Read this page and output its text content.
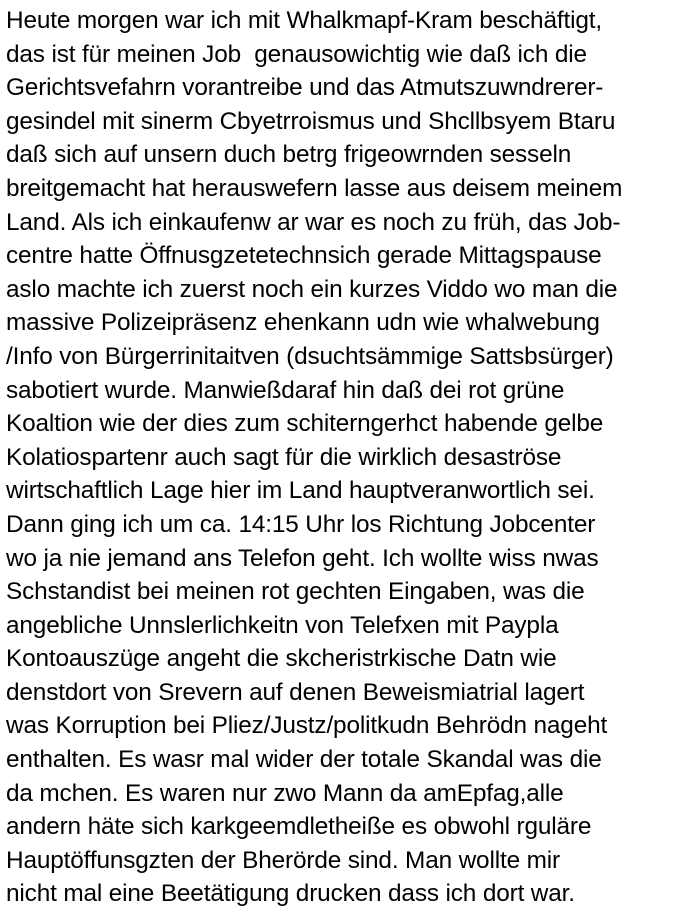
Heute morgen war ich mit Whalkmapf-Kram beschäftigt,
das ist für meinen Job  genausowichtig wie daß ich die
Gerichtsvefahrn vorantreibe und das Atmutszuwndrerer-
gesindel mit sinerm Cbyetrroismus und Shcllbsyem Btaru
daß sich auf unsern duch betrg frigeowrnden sesseln
breitgemacht hat herauswefern lasse aus deisem meinem
Land. Als ich einkaufenw ar war es noch zu früh, das Job-
centre hatte Öffnusgzetetechnsich gerade Mittagspause
aslo machte ich zuerst noch ein kurzes Viddo wo man die
massive Polizeipräsenz ehenkann udn wie whalwebung
/Info von Bürgerrinitaitven (dsuchtsämmige Sattsbsürger)
sabotiert wurde. Manwießdaraf hin daß dei rot grüne
Koaltion wie der dies zum schiterngerhct habende gelbe
Kolatiospartenr auch sagt für die wirklich desaströse
wirtschaftlich Lage hier im Land hauptveranwortlich sei.
Dann ging ich um ca. 14:15 Uhr los Richtung Jobcenter
wo ja nie jemand ans Telefon geht. Ich wollte wiss nwas
Schstandist bei meinen rot gechten Eingaben, was die
angebliche Unnslerlichkeitn von Telefxen mit Paypla
Kontoauszüge angeht die skcheristrkische Datn wie
denstdort von Srevern auf denen Beweismiatrial lagert
was Korruption bei Pliez/Justz/politkudn Behrödn nageht
enthalten. Es wasr mal wider der totale Skandal was die
da mchen. Es waren nur zwo Mann da amEpfag,alle
andern häte sich karkgeemdletheiße es obwohl rguläre
Hauptöffunsgzten der Bherörde sind. Man wollte mir
nicht mal eine Beetätigung drucken dass ich dort war.
